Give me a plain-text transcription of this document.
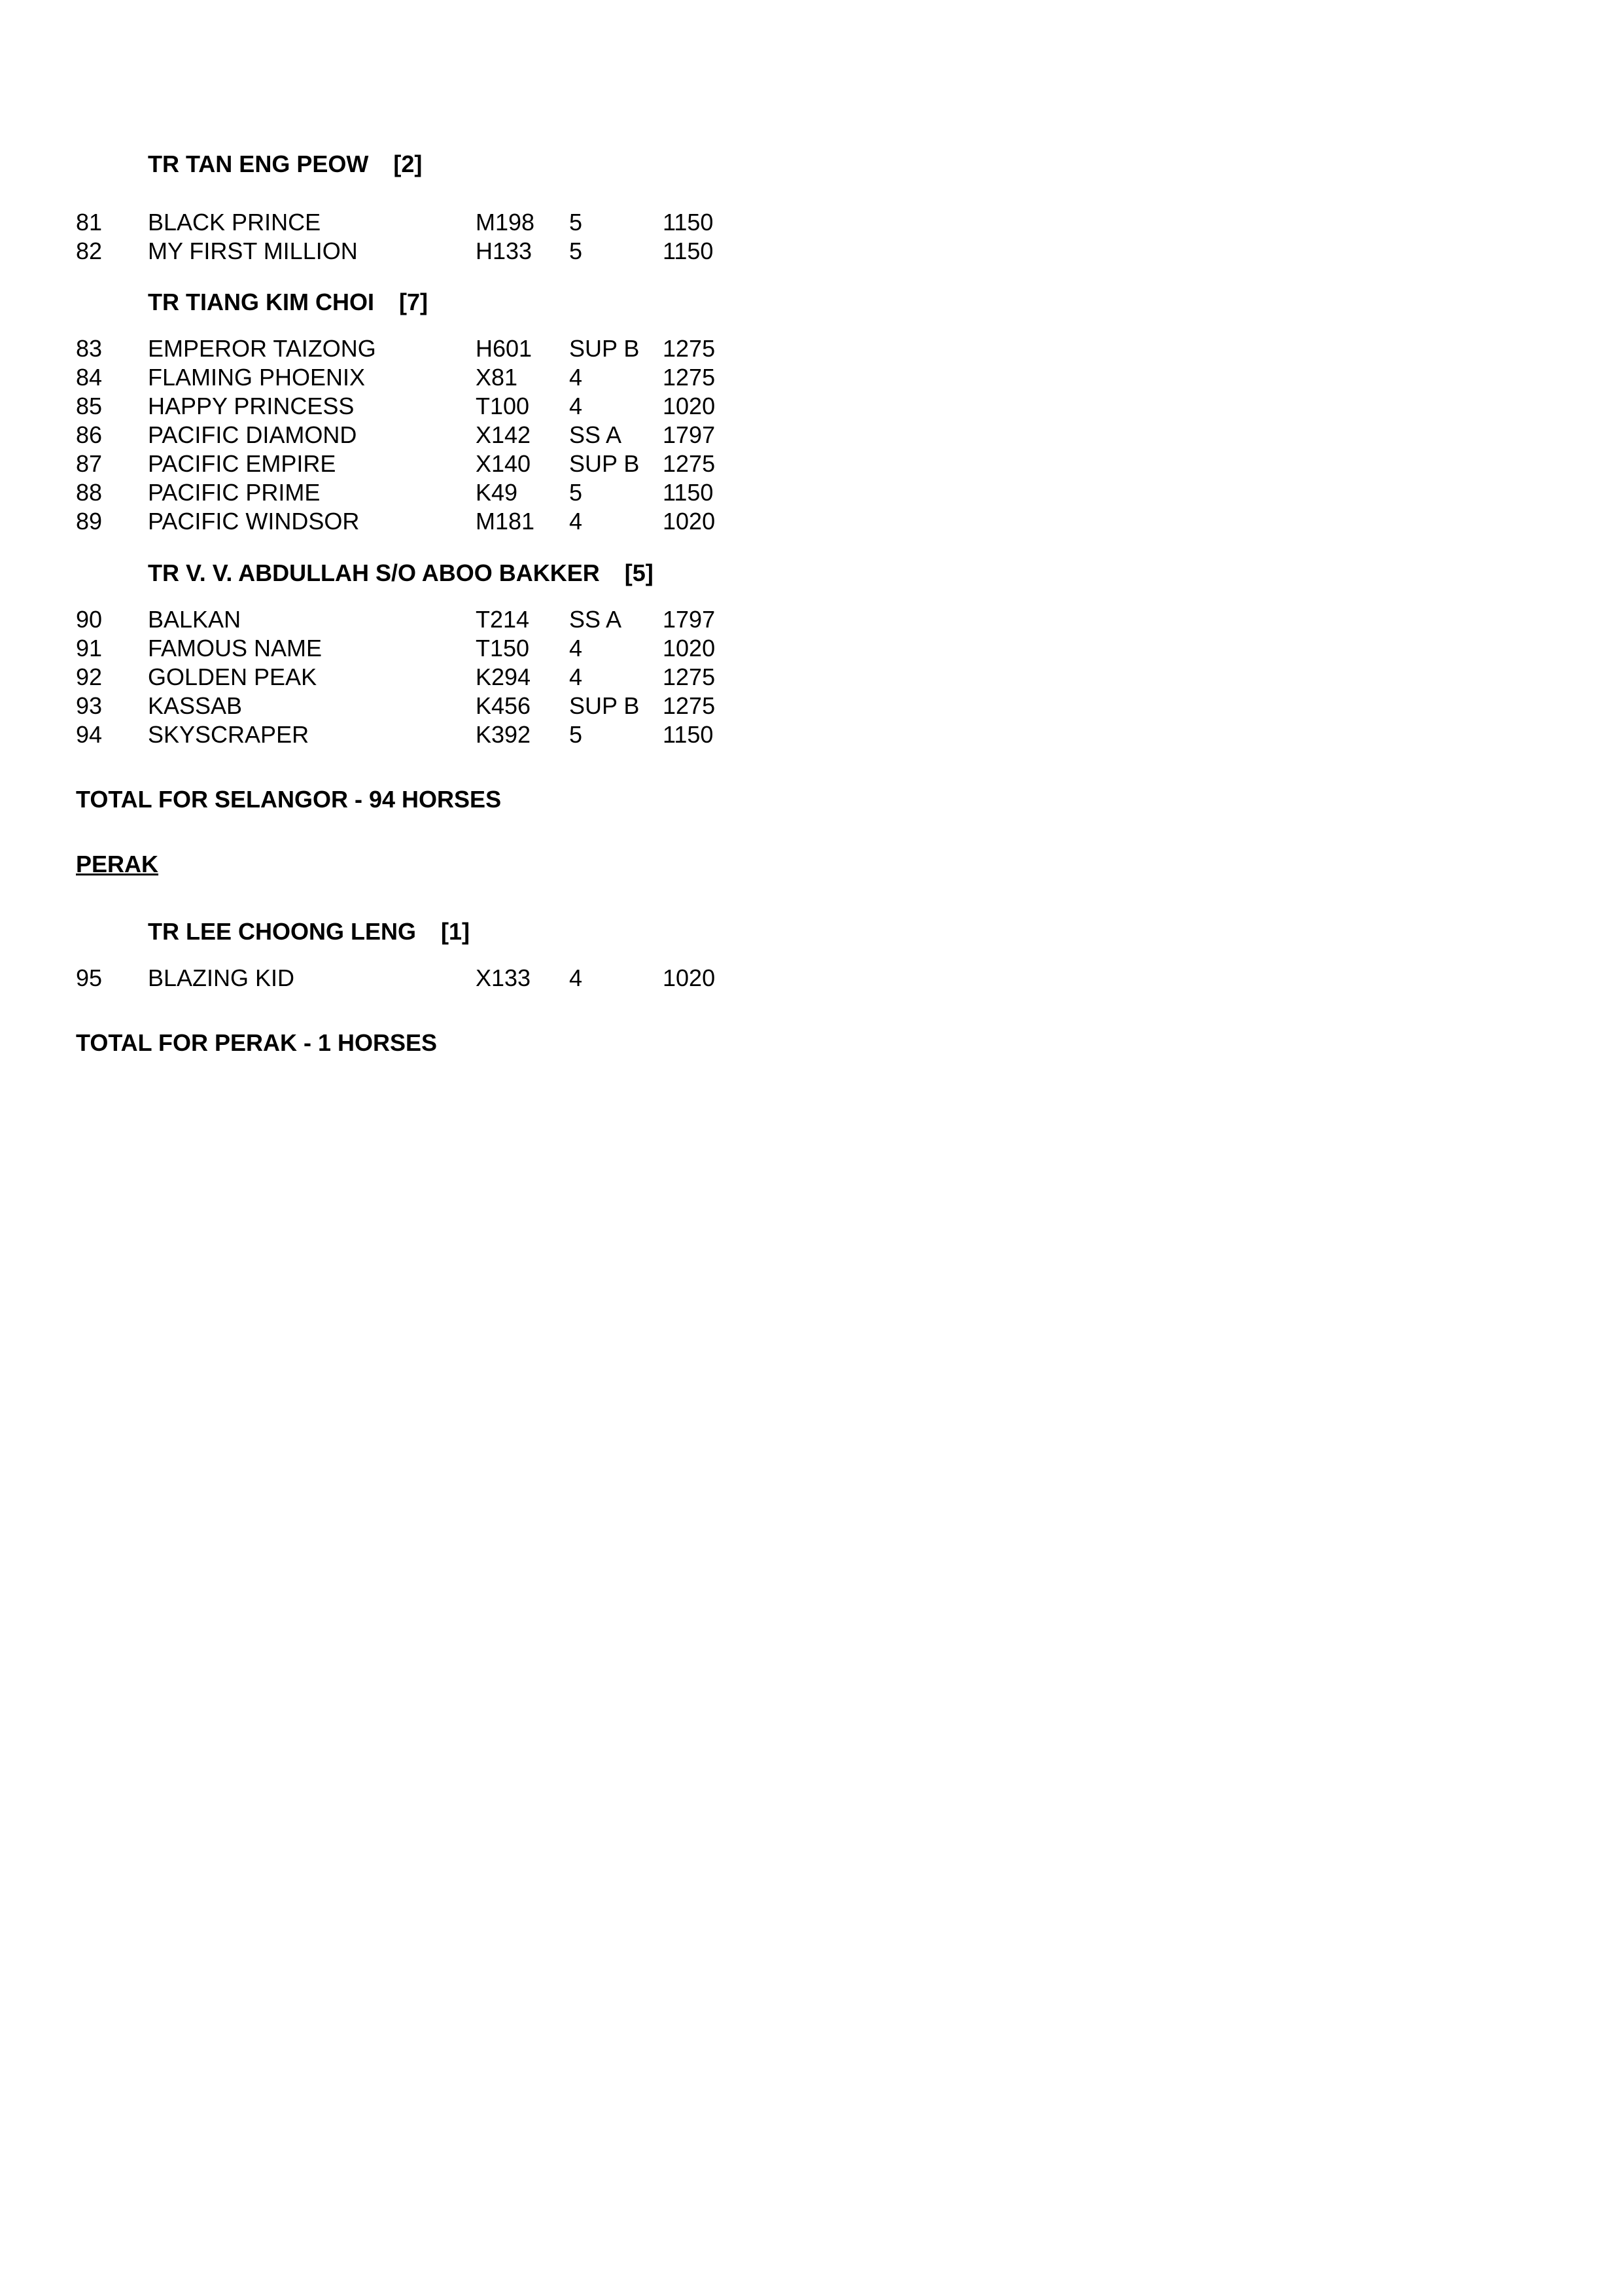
TR TAN ENG PEOW [2]
81 BLACK PRINCE	M198 5	1150
82 MY FIRST MILLION	H133 5	1150
TR TIANG KIM CHOI [7]
83 EMPEROR TAIZONG	H601 SUP B 1275
84 FLAMING PHOENIX	X81 4	1275
85 HAPPY PRINCESS	T100 4	1020
86 PACIFIC DIAMOND	X142 SS A 1797
87 PACIFIC EMPIRE	X140 SUP B 1275
88 PACIFIC PRIME	K49 5	1150
89 PACIFIC WINDSOR	M181 4	1020
TR V. V. ABDULLAH S/O ABOO BAKKER [5]
90 BALKAN	T214 SS A 1797
91 FAMOUS NAME	T150 4	1020
92 GOLDEN PEAK	K294 4	1275
93 KASSAB	K456 SUP B 1275
94 SKYSCRAPER	K392 5	1150
TOTAL FOR SELANGOR - 94 HORSES
PERAK
TR LEE CHOONG LENG [1]
95 BLAZING KID	X133 4	1020
TOTAL FOR PERAK - 1 HORSES
